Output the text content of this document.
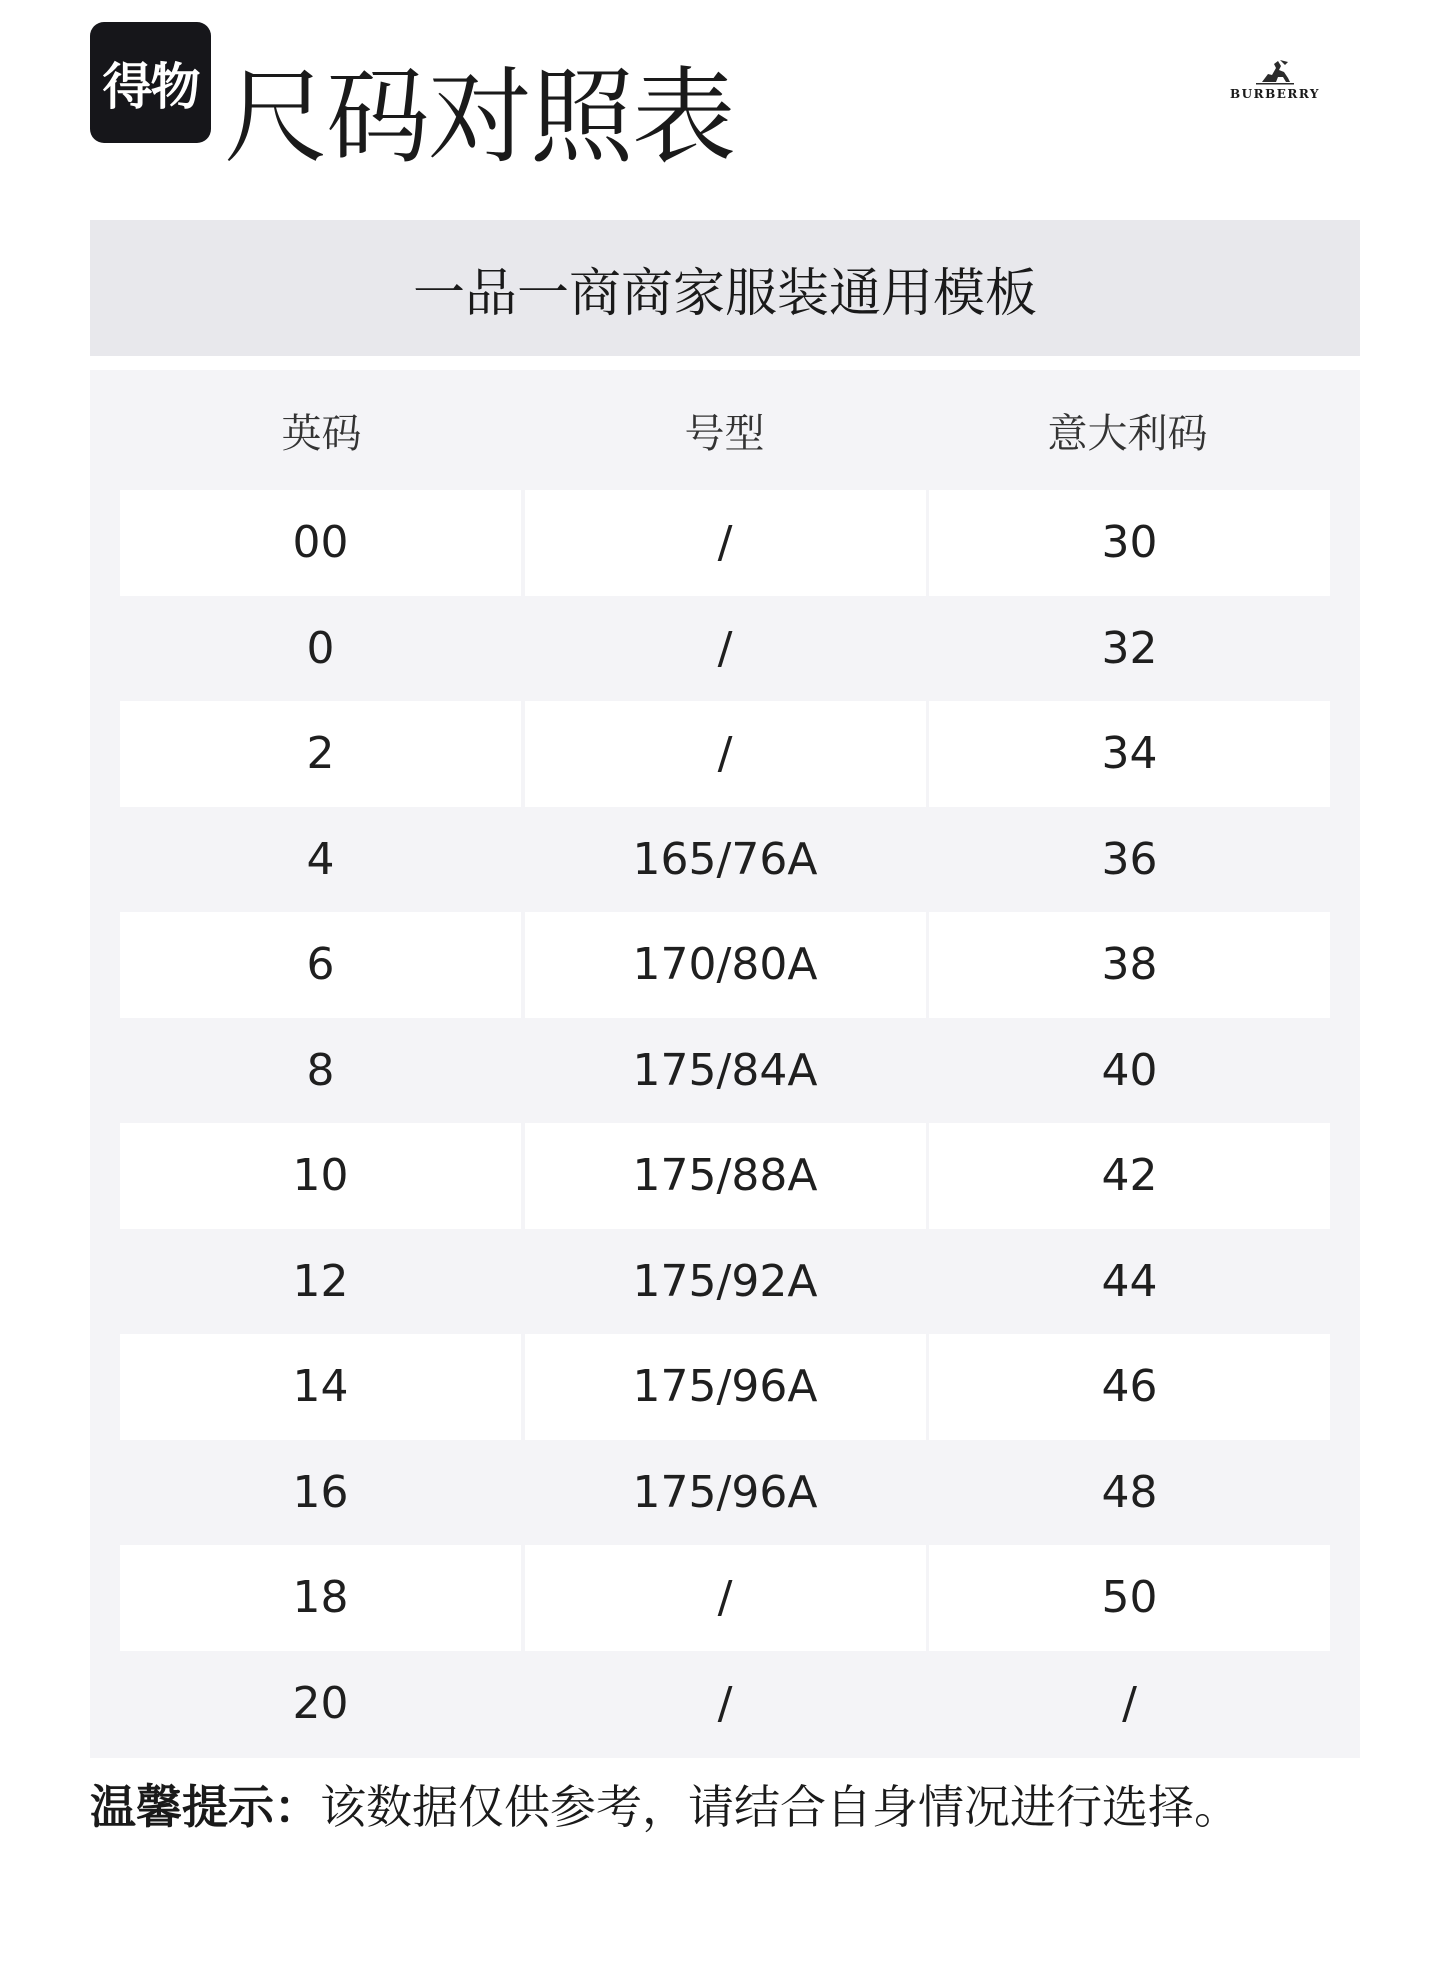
得物 尺码对照表	BURBERRY
一品一商商家服装通用模板
英码	号型	意大利码
00	/	30
0	/	32
2	/	34
4	165/76A	36
6	170/80A	38
8	175/84A	40
10	175/88A	42
12	175/92A	44
14	175/96A	46
16	175/96A	48
18	/	50
20	/	/
温馨提示：该数据仅供参考，请结合自身情况进行选择。
